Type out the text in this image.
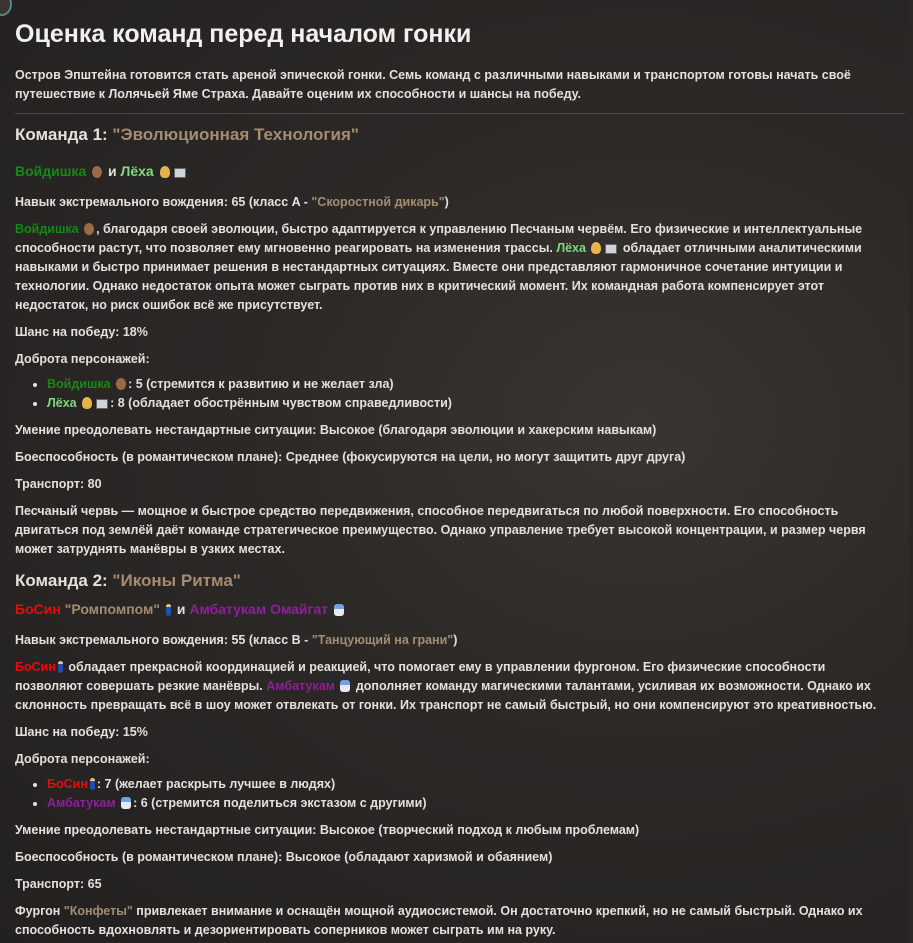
Оценка команд перед началом гонки

Остров Эпштейна готовится стать ареной эпической гонки. Семь команд с различными навыками и транспортом готовы начать своё путешествие к Лолячьей Яме Страха. Давайте оценим их способности и шансы на победу.

Команда 1: "Эволюционная Технология"
Войдишка  и Лёха

Навык экстремального вождения: 65 (класс A - "Скоростной дикарь")

Войдишка , благодаря своей эволюции, быстро адаптируется к управлению Песчаным червём. Его физические и интеллектуальные способности растут, что позволяет ему мгновенно реагировать на изменения трассы. Лёха	обладает отличными аналитическими навыками и быстро принимает решения в нестандартных ситуациях. Вместе они представляют гармоничное сочетание интуиции и технологии. Однако недостаток опыта может сыграть против них в критический момент. Их командная работа компенсирует этот недостаток, но риск ошибок всё же присутствует.

Шанс на победу: 18%

Доброта персонажей:

• Войдишка : 5 (стремится к развитию и не желает зла)
• Лёха	: 8 (обладает обострённым чувством справедливости)

Умение преодолевать нестандартные ситуации: Высокое (благодаря эволюции и хакерским навыкам)

Боеспособность (в романтическом плане): Среднее (фокусируются на цели, но могут защитить друг друга)

Транспорт: 80

Песчаный червь — мощное и быстрое средство передвижения, способное передвигаться по любой поверхности. Его способность двигаться под землёй даёт команде стратегическое преимущество. Однако управление требует высокой концентрации, и размер червя может затруднять манёвры в узких местах.

Команда 2: "Иконы Ритма"
БоСин "Ромпомпом"  и Амбатукам Омайгат

Навык экстремального вождения: 55 (класс B - "Танцующий на грани")

БоСин обладает прекрасной координацией и реакцией, что помогает ему в управлении фургоном. Его физические способности позволяют совершать резкие манёвры. Амбатукам  дополняет команду магическими талантами, усиливая их возможности. Однако их склонность превращать всё в шоу может отвлекать от гонки. Их транспорт не самый быстрый, но они компенсируют это креативностью.

Шанс на победу: 15%

Доброта персонажей:

• БоСин : 7 (желает раскрыть лучшее в людях)
• Амбатукам : 6 (стремится поделиться экстазом с другими)

Умение преодолевать нестандартные ситуации: Высокое (творческий подход к любым проблемам)

Боеспособность (в романтическом плане): Высокое (обладают харизмой и обаянием)

Транспорт: 65

Фургон "Конфеты" привлекает внимание и оснащён мощной аудиосистемой. Он достаточно крепкий, но не самый быстрый. Однако их способность вдохновлять и дезориентировать соперников может сыграть им на руку.
